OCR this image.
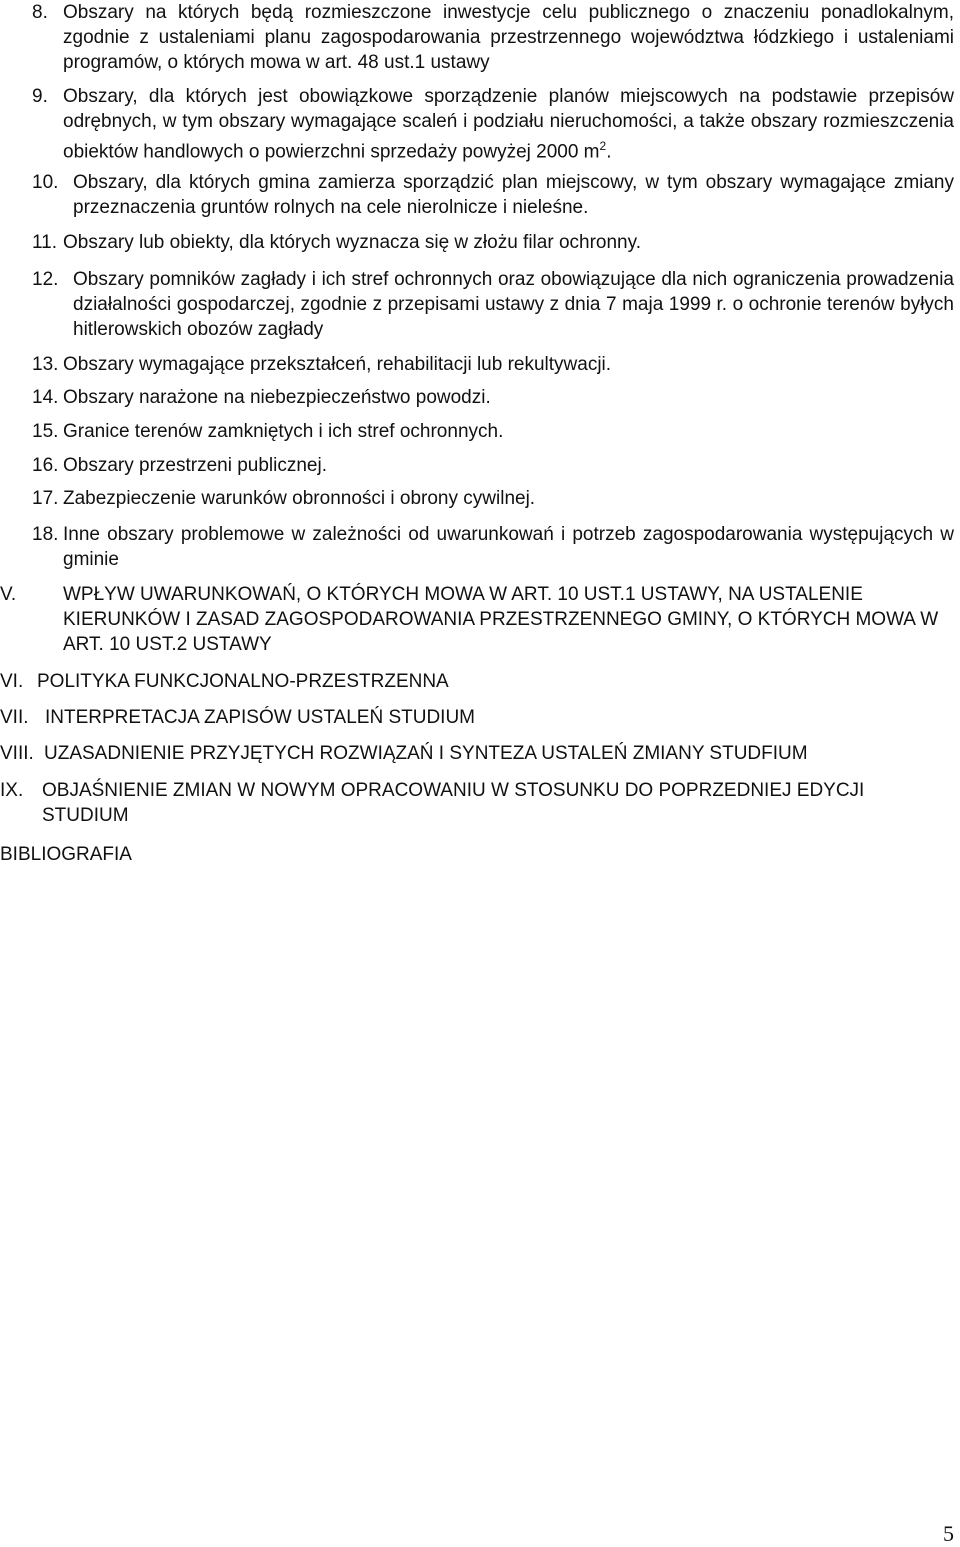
8. Obszary na których będą rozmieszczone inwestycje celu publicznego o znaczeniu ponadlokalnym, zgodnie z ustaleniami planu zagospodarowania przestrzennego województwa łódzkiego i ustaleniami programów, o których mowa w art. 48 ust.1 ustawy
9. Obszary, dla których jest obowiązkowe sporządzenie planów miejscowych na podstawie przepisów odrębnych, w tym obszary wymagające scaleń i podziału nieruchomości, a także obszary rozmieszczenia obiektów handlowych o powierzchni sprzedaży powyżej 2000 $m^2$.
10. Obszary, dla których gmina zamierza sporządzić plan miejscowy, w tym obszary wymagające zmiany przeznaczenia gruntów rolnych na cele nierolnicze i nieleśne.
11. Obszary lub obiekty, dla których wyznacza się w złożu filar ochronny.
12. Obszary pomników zagłady i ich stref ochronnych oraz obowiązujące dla nich ograniczenia prowadzenia działalności gospodarczej, zgodnie z przepisami ustawy z dnia 7 maja 1999 r. o ochronie terenów byłych hitlerowskich obozów zagłady
13. Obszary wymagające przekształceń, rehabilitacji lub rekultywacji.
14. Obszary narażone na niebezpieczeństwo powodzi.
15. Granice terenów zamkniętych i ich stref ochronnych.
16. Obszary przestrzeni publicznej.
17. Zabezpieczenie warunków obronności i obrony cywilnej.
18. Inne obszary problemowe w zależności od uwarunkowań i potrzeb zagospodarowania występujących w gminie
V.	WPŁYW UWARUNKOWAŃ, O KTÓRYCH MOWA W ART. 10 UST.1 USTAWY, NA USTALENIE KIERUNKÓW I ZASAD ZAGOSPODAROWANIA PRZESTRZENNEGO GMINY, O KTÓRYCH MOWA W ART. 10 UST.2 USTAWY
VI. POLITYKA FUNKCJONALNO-PRZESTRZENNA
VII. INTERPRETACJA ZAPISÓW USTALEŃ STUDIUM
VIII. UZASADNIENIE PRZYJĘTYCH ROZWIĄZAŃ I SYNTEZA USTALEŃ ZMIANY STUDFIUM
IX. OBJAŚNIENIE ZMIAN W NOWYM OPRACOWANIU W STOSUNKU DO POPRZEDNIEJ EDYCJI STUDIUM
BIBLIOGRAFIA
5
